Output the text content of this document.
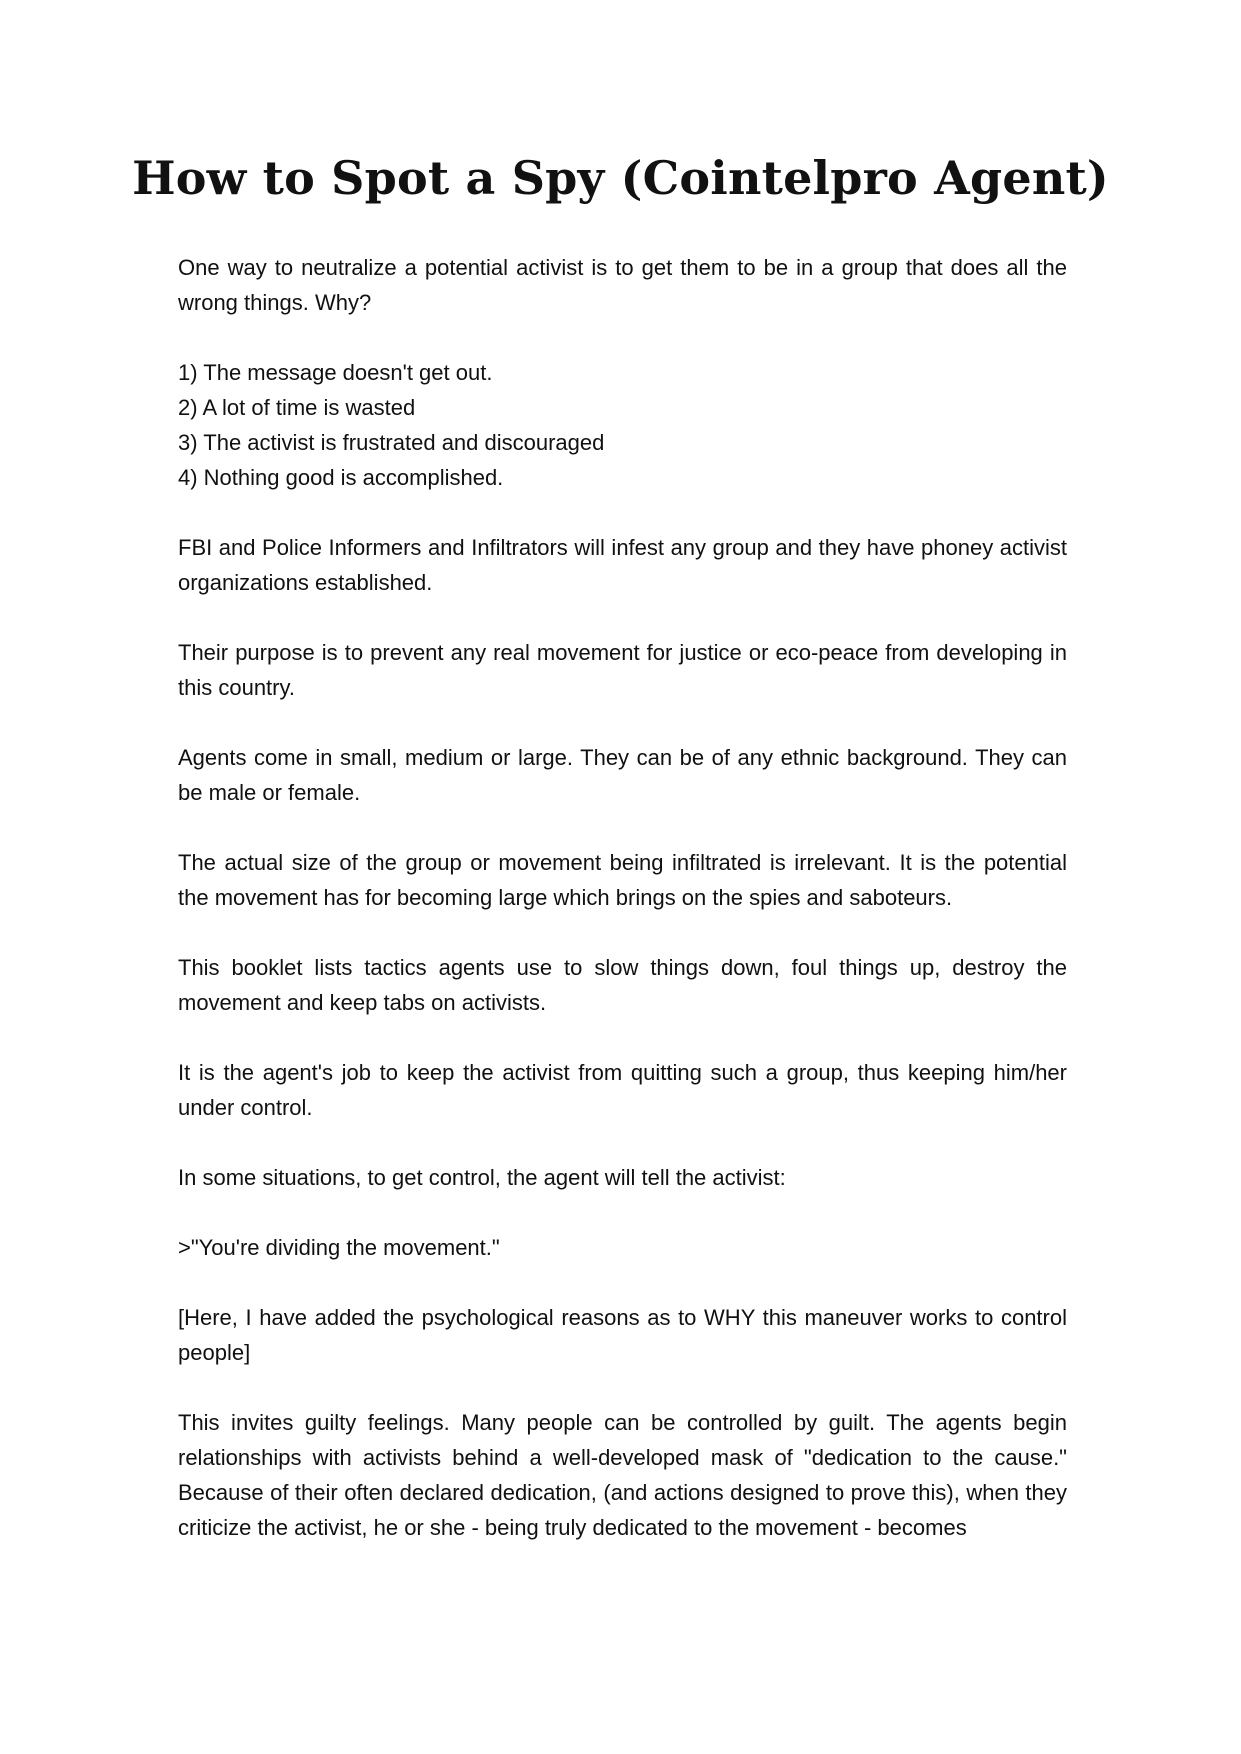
How to Spot a Spy (Cointelpro Agent)

One way to neutralize a potential activist is to get them to be in a group that does all the wrong things. Why?

1) The message doesn't get out.
2) A lot of time is wasted
3) The activist is frustrated and discouraged
4) Nothing good is accomplished.

FBI and Police Informers and Infiltrators will infest any group and they have phoney activist organizations established.

Their purpose is to prevent any real movement for justice or eco-peace from developing in this country.

Agents come in small, medium or large. They can be of any ethnic background. They can be male or female.

The actual size of the group or movement being infiltrated is irrelevant. It is the potential the movement has for becoming large which brings on the spies and saboteurs.

This booklet lists tactics agents use to slow things down, foul things up, destroy the movement and keep tabs on activists.

It is the agent's job to keep the activist from quitting such a group, thus keeping him/her under control.

In some situations, to get control, the agent will tell the activist:

>"You're dividing the movement."

[Here, I have added the psychological reasons as to WHY this maneuver works to control people]

This invites guilty feelings. Many people can be controlled by guilt. The agents begin relationships with activists behind a well-developed mask of "dedication to the cause." Because of their often declared dedication, (and actions designed to prove this), when they criticize the activist, he or she - being truly dedicated to the movement - becomes
